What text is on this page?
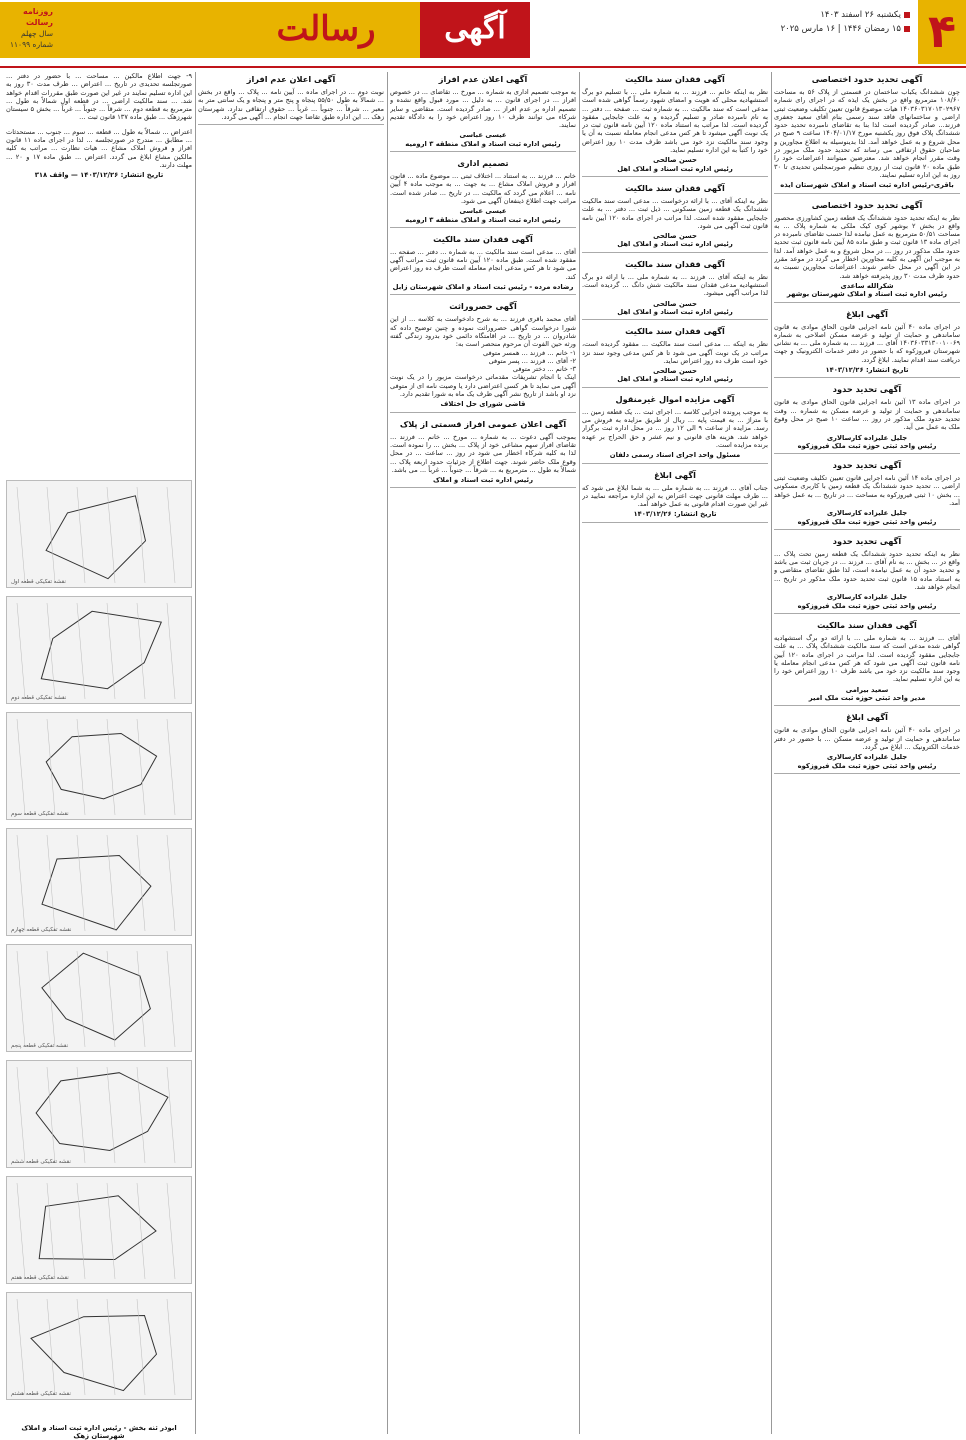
۴
یکشنبه ۲۶ اسفند ۱۴۰۳
۱۵ رمضان ۱۴۴۶ | ۱۶ مارس ۲۰۲۵
آگهی
رسالت
روزنامه رسالت
سال چهلم
شماره ۱۱۰۹۹
آگهی تحدید حدود اختصاصی
چون ششدانگ یکباب ساختمان در قسمتی از پلاک ۵۶ به مساحت ۱۰۸/۶۰ مترمربع واقع در بخش یک ایذه که در اجرای رای شماره ۱۴۰۳۶۰۳۱۷۰۱۳۰۲۹۶۷ هیات موضوع قانون تعیین تکلیف وضعیت ثبتی اراضی و ساختمانهای فاقد سند رسمی بنام آقای سعید جعفری فرزند... صادر گردیده است لذا بنا به تقاضای نامبرده تحدید حدود ششدانگ پلاک فوق روز یکشنبه مورخ ۱۴۰۴/۰۱/۱۷ ساعت ۹ صبح در محل شروع و به عمل خواهد آمد. لذا بدینوسیله به اطلاع مجاورین و صاحبان حقوق ارتفاقی می رساند که تحدید حدود ملک مزبور در وقت مقرر انجام خواهد شد. معترضین میتوانند اعتراضات خود را طبق ماده ۲۰ قانون ثبت از روزی تنظیم صورتمجلس تحدیدی تا ۳۰ روز به این اداره تسلیم نمایند.
باقری-رئیس اداره ثبت اسناد و املاک شهرستان ایذه
آگهی تحدید حدود اختصاصی
نظر به اینکه تحدید حدود ششدانگ یک قطعه زمین کشاورزی محصور واقع در بخش ۲ بوشهر کوی کیک ملکی به شماره پلاک ... به مساحت ۵۰/۵۱ مترمربع به عمل نیامده لذا حسب تقاضای نامبرده در اجرای ماده ۱۳ قانون ثبت و طبق ماده ۸۵ آیین نامه قانون ثبت تحدید حدود ملک مذکور در روز ... در محل شروع و به عمل خواهد آمد. لذا به موجب این آگهی به کلیه مجاورین اخطار می گردد در موعد مقرر در این آگهی در محل حاضر شوند. اعتراضات مجاورین نسبت به حدود ظرف مدت ۳۰ روز پذیرفته خواهد شد.
شکرالله ساعدی
رئیس اداره ثبت اسناد و املاک شهرستان بوشهر
آگهی ابلاغ
در اجرای ماده ۴۰ آئین نامه اجرایی قانون الحاق موادی به قانون ساماندهی و حمایت از تولید و عرضه مسکن اصلاحی به شماره ۱۴۰۳۶۰۳۳۱۳۰۰۱۰۰۶۹ آقای ... فرزند ... به شماره ملی ... به نشانی شهرستان فیروزکوه که با حضور در دفتر خدمات الکترونیک و جهت دریافت سند اقدام نمایند. ابلاغ گردد.
تاریخ انتشار: ۱۴۰۳/۱۲/۲۶
آگهی تحدید حدود
در اجرای ماده ۱۳ آئین نامه اجرایی قانون الحاق موادی به قانون ساماندهی و حمایت از تولید و عرضه مسکن به شماره ... وقت تحدید حدود ملک مذکور در روز ... ساعت ۱۰ صبح در محل وقوع ملک به عمل می آید.
جلیل علیزاده کارسالاری
رئیس واحد ثبتی حوزه ثبت ملک فیروزکوه
آگهی تحدید حدود
در اجرای ماده ۱۴ آئین نامه اجرایی قانون تعیین تکلیف وضعیت ثبتی اراضی ... تحدید حدود ششدانگ یک قطعه زمین با کاربری مسکونی ... بخش ۱۰ ثبتی فیروزکوه به مساحت ... در تاریخ ... به عمل خواهد آمد.
جلیل علیزاده کارسالاری
رئیس واحد ثبتی حوزه ثبت ملک فیروزکوه
آگهی تحدید حدود
نظر به اینکه تحدید حدود ششدانگ یک قطعه زمین تحت پلاک ... واقع در ... بخش ... به نام آقای ... فرزند ... در جریان ثبت می باشد و تحدید حدود آن به عمل نیامده است، لذا طبق تقاضای متقاضی و به استناد ماده ۱۵ قانون ثبت تحدید حدود ملک مذکور در تاریخ ... انجام خواهد شد.
جلیل علیزاده کارسالاری
رئیس واحد ثبتی حوزه ثبت ملک فیروزکوه
آگهی فقدان سند مالکیت
آقای ... فرزند ... به شماره ملی ... با ارائه دو برگ استشهادیه گواهی شده مدعی است که سند مالکیت ششدانگ پلاک ... به علت جابجایی مفقود گردیده است. لذا مراتب در اجرای ماده ۱۲۰ آیین نامه قانون ثبت آگهی می شود که هر کس مدعی انجام معامله یا وجود سند مالکیت نزد خود می باشد ظرف ۱۰ روز اعتراض خود را به این اداره تسلیم نماید.
سعید بیرامی
مدیر واحد ثبتی حوزه ثبت ملک امیر
آگهی ابلاغ
در اجرای ماده ۴۰ آئین نامه اجرایی قانون الحاق موادی به قانون ساماندهی و حمایت از تولید و عرضه مسکن ... با حضور در دفتر خدمات الکترونیک ... ابلاغ می گردد.
جلیل علیزاده کارسالاری
رئیس واحد ثبتی حوزه ثبت ملک فیروزکوه
آگهی فقدان سند مالکیت
نظر به اینکه خانم ... فرزند ... به شماره ملی ... با تسلیم دو برگ استشهادیه محلی که هویت و امضای شهود رسماً گواهی شده است مدعی است که سند مالکیت ... به شماره ثبت ... صفحه ... دفتر ... به نام نامبرده صادر و تسلیم گردیده و به علت جابجایی مفقود گردیده است. لذا مراتب به استناد ماده ۱۲۰ آیین نامه قانون ثبت در یک نوبت آگهی میشود تا هر کس مدعی انجام معامله نسبت به آن یا وجود سند مالکیت نزد خود می باشد ظرف مدت ۱۰ روز اعتراض خود را کتباً به این اداره تسلیم نماید.
حسن صالحی
رئیس اداره ثبت اسناد و املاک اهل
آگهی فقدان سند مالکیت
نظر به اینکه آقای ... با ارائه درخواست ... مدعی است سند مالکیت ششدانگ یک قطعه زمین مسکونی ... ذیل ثبت ... دفتر ... به علت جابجایی مفقود شده است. لذا مراتب در اجرای ماده ۱۲۰ آیین نامه قانون ثبت آگهی می شود.
حسن صالحی
رئیس اداره ثبت اسناد و املاک اهل
آگهی فقدان سند مالکیت
نظر به اینکه آقای ... فرزند ... به شماره ملی ... با ارائه دو برگ استشهادیه مدعی فقدان سند مالکیت شش دانگ ... گردیده است. لذا مراتب آگهی میشود.
حسن صالحی
رئیس اداره ثبت اسناد و املاک اهل
آگهی فقدان سند مالکیت
نظر به اینکه ... مدعی است سند مالکیت ... مفقود گردیده است، مراتب در یک نوبت آگهی می شود تا هر کس مدعی وجود سند نزد خود است ظرف ده روز اعتراض نماید.
حسن صالحی
رئیس اداره ثبت اسناد و املاک اهل
آگهی مزایده اموال غیرمنقول
به موجب پرونده اجرایی کلاسه ... اجرای ثبت ... یک قطعه زمین ... با متراژ ... به قیمت پایه ... ریال از طریق مزایده به فروش می رسد. مزایده از ساعت ۹ الی ۱۲ روز ... در محل اداره ثبت برگزار خواهد شد. هزینه های قانونی و نیم عشر و حق الحراج بر عهده برنده مزایده است.
مسئول واحد اجرای اسناد رسمی دلفان
آگهی ابلاغ
جناب آقای ... فرزند ... به شماره ملی ... به شما ابلاغ می شود که ... ظرف مهلت قانونی جهت اعتراض به این اداره مراجعه نمایید در غیر این صورت اقدام قانونی به عمل خواهد آمد.
تاریخ انتشار: ۱۴۰۳/۱۲/۲۶
آگهی اعلان عدم افراز
به موجب تصمیم اداری به شماره ... مورخ ... تقاضای ... در خصوص افراز ... در اجرای قانون ... به دلیل ... مورد قبول واقع نشده و تصمیم اداره بر عدم افراز ... صادر گردیده است. متقاضی و سایر شرکاء می توانند ظرف ۱۰ روز اعتراض خود را به دادگاه تقدیم نمایند.
عیسی عباسی
رئیس اداره ثبت اسناد و املاک منطقه ۳ ارومیه
تصمیم اداری
خانم ... فرزند ... به استناد ... اختلاف ثبتی ... موضوع ماده ... قانون افراز و فروش املاک مشاع ... به جهت ... به موجب ماده ۴ آیین نامه ... اعلام می گردد که مالکیت ... در تاریخ ... صادر شده است. مراتب جهت اطلاع ذینفعان آگهی می شود.
عیسی عباسی
رئیس اداره ثبت اسناد و املاک منطقه ۳ ارومیه
آگهی فقدان سند مالکیت
آقای ... مدعی است سند مالکیت ... به شماره ... دفتر ... صفحه ... مفقود شده است. طبق ماده ۱۲۰ آیین نامه قانون ثبت مراتب آگهی می شود تا هر کس مدعی انجام معامله است ظرف ده روز اعتراض کند.
رضاده مرده - رئیس ثبت اسناد و املاک شهرستان زابل
آگهی حصروراثت
آقای محمد باقری فرزند ... به شرح دادخواست به کلاسه ... از این شورا درخواست گواهی حصروراثت نموده و چنین توضیح داده که شادروان ... در تاریخ ... در اقامتگاه دائمی خود بدرود زندگی گفته ورثه حین الفوت آن مرحوم منحصر است به:
۱- خانم ... فرزند ... همسر متوفی
۲- آقای ... فرزند ... پسر متوفی
۳- خانم ... دختر متوفی
اینک با انجام تشریفات مقدماتی درخواست مزبور را در یک نوبت آگهی می نماید تا هر کسی اعتراضی دارد یا وصیت نامه ای از متوفی نزد او باشد از تاریخ نشر آگهی ظرف یک ماه به شورا تقدیم دارد.
قاضی شورای حل اختلاف
آگهی اعلان عمومی افراز قسمتی از پلاک
بموجب آگهی دعوت ... به شماره ... مورخ ... خانم ... فرزند ... تقاضای افراز سهم مشاعی خود از پلاک ... بخش ... را نموده است. لذا به کلیه شرکاء اخطار می شود در روز ... ساعت ... در محل وقوع ملک حاضر شوند. جهت اطلاع از جزئیات حدود اربعه پلاک ... شمالاً به طول ... مترمربع به ... شرقاً ... جنوباً ... غرباً ... می باشد.
رئیس اداره ثبت اسناد و املاک
آگهی اعلان عدم افراز
نوبت دوم ... در اجرای ماده ... آیین نامه ... پلاک ... واقع در بخش ... شمالاً به طول ۵۵/۵۰ پنجاه و پنج متر و پنجاه و یک سانتی متر به معبر ... شرقاً ... جنوباً ... غرباً ... حقوق ارتفاقی ندارد. شهرستان زهک ... این اداره طبق تقاضا جهت انجام ... آگهی می گردد.
۹- جهت اطلاع مالکین ... مساحت ... با حضور در دفتر ... صورتجلسه تحدیدی در تاریخ ... اعتراض ... ظرف مدت ۳۰ روز به این اداره تسلیم نمایند در غیر این صورت طبق مقررات اقدام خواهد شد. ... سند مالکیت اراضی ... در قطعه اول شمالاً به طول ... مترمربع به قطعه دوم ... شرقاً ... جنوباً ... غرباً ... بخش ۵ سیستان شهرزهک ... طبق ماده ۱۳۷ قانون ثبت ...
اعتراض ... شمالاً به طول ... قطعه ... سوم ... جنوب ... مستحدثات ... مطابق ... مندرج در صورتجلسه ... لذا در اجرای ماده ۱۱ قانون افراز و فروش املاک مشاع ... هیات نظارت ... مراتب به کلیه مالکین مشاع ابلاغ می گردد. اعتراض ... طبق ماده ۱۷ و ۲۰ ... مهلت دارند.
تاریخ انتشار: ۱۴۰۳/۱۲/۲۶ — واقف ۳۱۸
نقشه تفکیکی قطعه اول
نقشه تفکیکی قطعه دوم
نقشه تفکیکی قطعه سوم
نقشه تفکیکی قطعه چهارم
نقشه تفکیکی قطعه پنجم
نقشه تفکیکی قطعه ششم
نقشه تفکیکی قطعه هفتم
نقشه تفکیکی قطعه هشتم
ابوذر ثنه بخش - رئیس اداره ثبت اسناد و املاک شهرستان زهک
